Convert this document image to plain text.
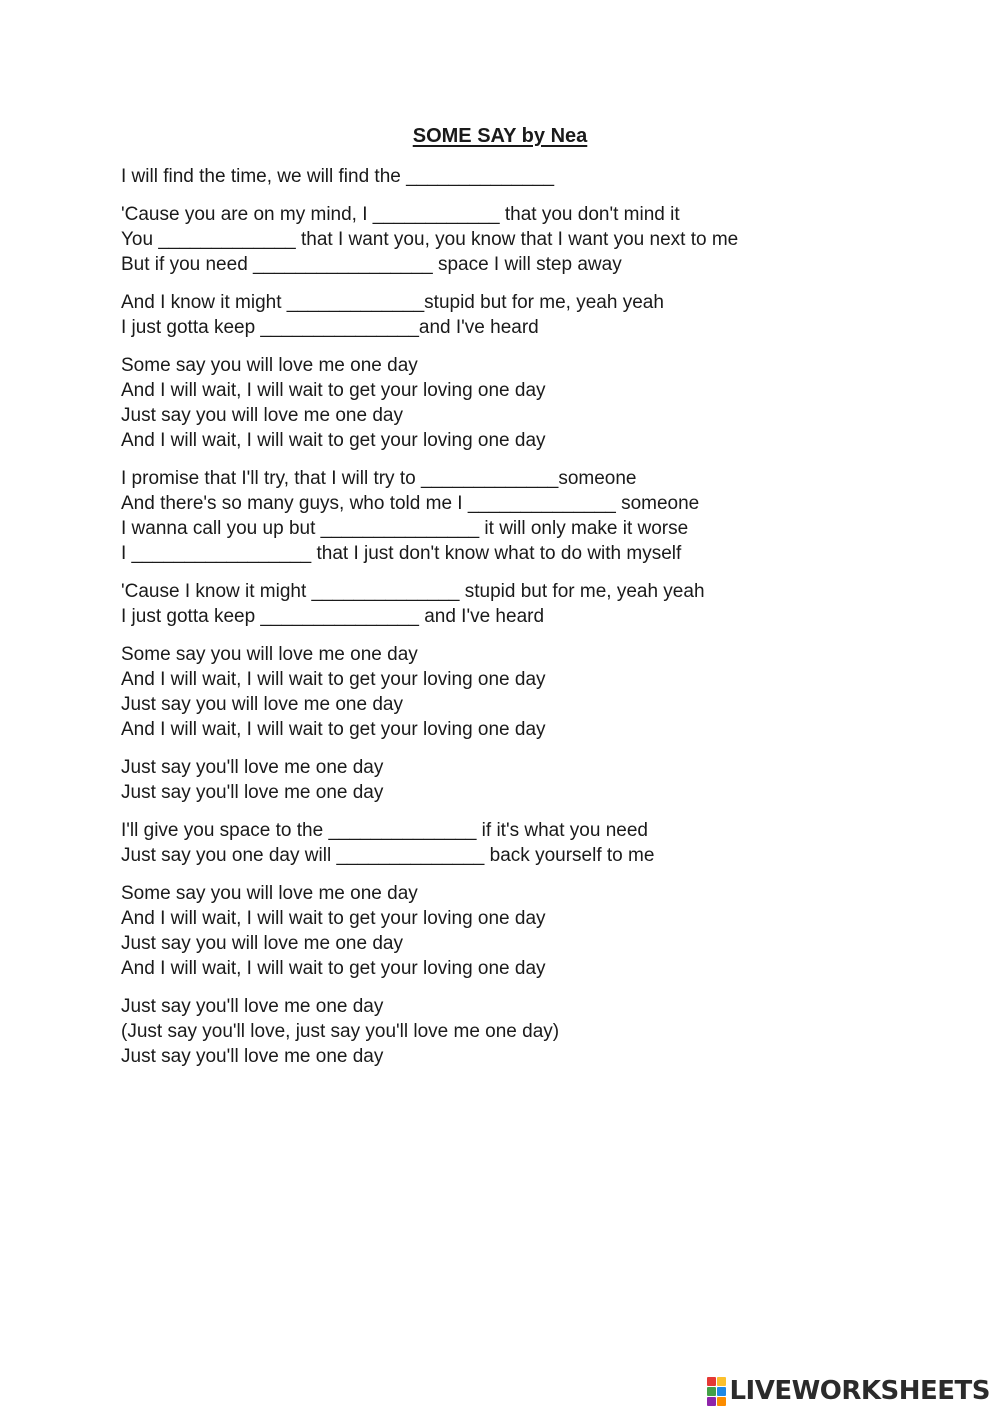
SOME SAY by Nea

I will find the time, we will find the ______________

'Cause you are on my mind, I ____________ that you don't mind it

You _____________ that I want you, you know that I want you next to me

But if you need _________________ space I will step away

And I know it might _____________stupid but for me, yeah yeah

I just gotta keep _______________and I've heard

Some say you will love me one day

And I will wait, I will wait to get your loving one day

Just say you will love me one day

And I will wait, I will wait to get your loving one day

I promise that I'll try, that I will try to _____________someone

And there's so many guys, who told me I ______________ someone

I wanna call you up but _______________ it will only make it worse

I _________________ that I just don't know what to do with myself

'Cause I know it might ______________ stupid but for me, yeah yeah

I just gotta keep _______________ and I've heard

Some say you will love me one day

And I will wait, I will wait to get your loving one day

Just say you will love me one day

And I will wait, I will wait to get your loving one day

Just say you'll love me one day

Just say you'll love me one day

I'll give you space to the ______________ if it's what you need

Just say you one day will ______________ back yourself to me

Some say you will love me one day

And I will wait, I will wait to get your loving one day

Just say you will love me one day

And I will wait, I will wait to get your loving one day

Just say you'll love me one day

(Just say you'll love, just say you'll love me one day)

Just say you'll love me one day

LIVEWORKSHEETS
